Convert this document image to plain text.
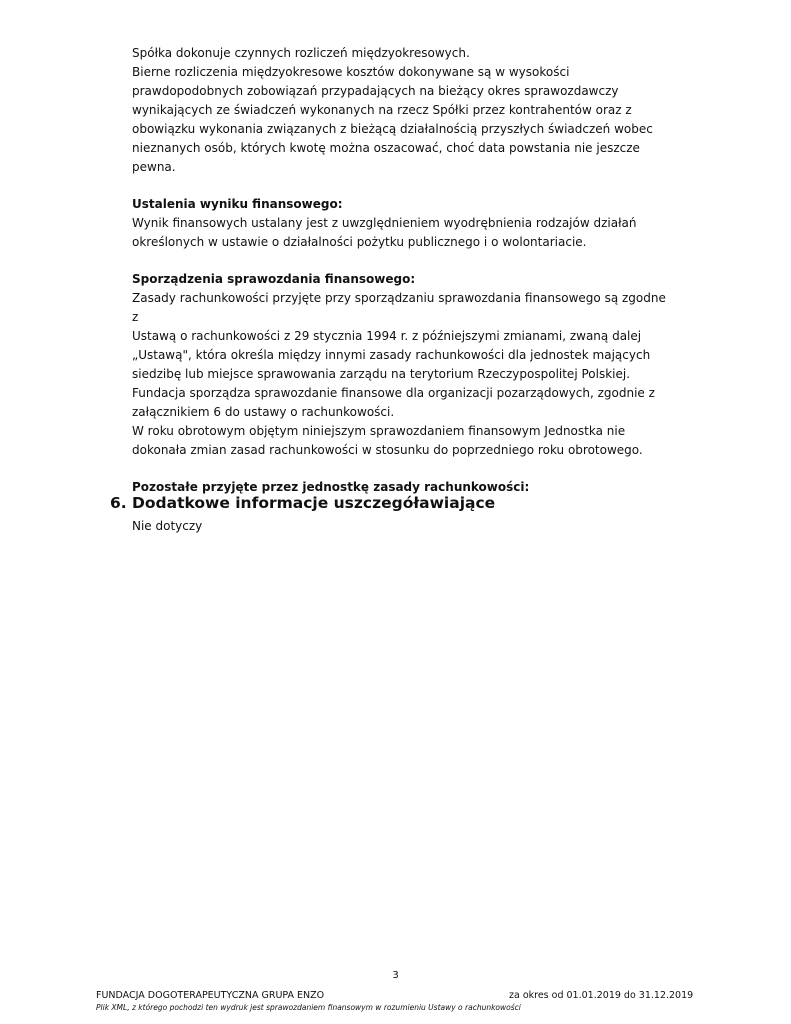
Spółka dokonuje czynnych rozliczeń międzyokresowych.

Bierne rozliczenia międzyokresowe kosztów dokonywane są w wysokości

prawdopodobnych zobowiązań przypadających na bieżący okres sprawozdawczy

wynikających ze świadczeń wykonanych na rzecz Spółki przez kontrahentów oraz z

obowiązku wykonania związanych z bieżącą działalnością przyszłych świadczeń wobec

nieznanych osób, których kwotę można oszacować, choć data powstania nie jeszcze

pewna.

Ustalenia wyniku finansowego:

Wynik finansowych ustalany jest z uwzględnieniem wyodrębnienia rodzajów działań

określonych w ustawie o działalności pożytku publicznego i o wolontariacie.

Sporządzenia sprawozdania finansowego:

Zasady rachunkowości przyjęte przy sporządzaniu sprawozdania finansowego są zgodne z

Ustawą o rachunkowości z 29 stycznia 1994 r. z późniejszymi zmianami, zwaną dalej

„Ustawą", która określa między innymi zasady rachunkowości dla jednostek mających

siedzibę lub miejsce sprawowania zarządu na terytorium Rzeczypospolitej Polskiej.

Fundacja sporządza sprawozdanie finansowe dla organizacji pozarządowych, zgodnie z

załącznikiem 6 do ustawy o rachunkowości.

W roku obrotowym objętym niniejszym sprawozdaniem finansowym Jednostka nie

dokonała zmian zasad rachunkowości w stosunku do poprzedniego roku obrotowego.

Pozostałe przyjęte przez jednostkę zasady rachunkowości:

6. Dodatkowe informacje uszczegóławiające

Nie dotyczy

3
FUNDACJA DOGOTERAPEUTYCZNA GRUPA ENZO	za okres od 01.01.2019 do 31.12.2019
Plik XML, z którego pochodzi ten wydruk jest sprawozdaniem finansowym w rozumieniu Ustawy o rachunkowości
